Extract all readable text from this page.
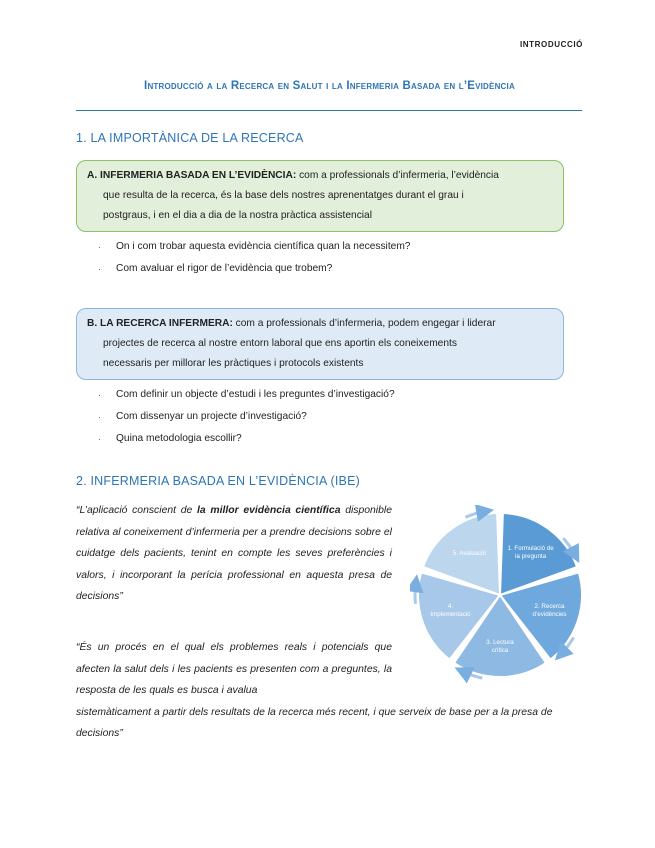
INTRODUCCIÓ
Introducció a la Recerca en Salut i la Infermeria Basada en l’Evidència
1. LA IMPORTÀNICA DE LA RECERCA
A. INFERMERIA BASADA EN L’EVIDÈNCIA: com a professionals d’infermeria, l’evidència
que resulta de la recerca, és la base dels nostres aprenentatges durant el grau i
postgraus, i en el dia a dia de la nostra pràctica assistencial
· On i com trobar aquesta evidència científica quan la necessitem?
· Com avaluar el rigor de l’evidència que trobem?
B. LA RECERCA INFERMERA: com a professionals d’infermeria, podem engegar i liderar
projectes de recerca al nostre entorn laboral que ens aportin els coneixements
necessaris per millorar les pràctiques i protocols existents
· Com definir un objecte d’estudi i les preguntes d’investigació?
· Com dissenyar un projecte d’investigació?
· Quina metodologia escollir?
2. INFERMERIA BASADA EN L’EVIDÈNCIA (IBE)
“L’aplicació conscient de la millor evidència científica disponible relativa al coneixement d’infermeria per a prendre decisions sobre el cuidatge dels pacients, tenint en compte les seves preferències i valors, i incorporant la perícia professional en aquesta presa de decisions”
“És un procés en el qual els problemes reals i potencials que afecten la salut dels i les pacients es presenten com a preguntes, la resposta de les quals es busca i avalua
sistemàticament a partir dels resultats de la recerca més recent, i que serveix de base per a la presa de decisions”
1. Formulació de la pregunta
2. Recerca d’evidències
3. Lectura crítica
4. Implementació
5. Avaluació
